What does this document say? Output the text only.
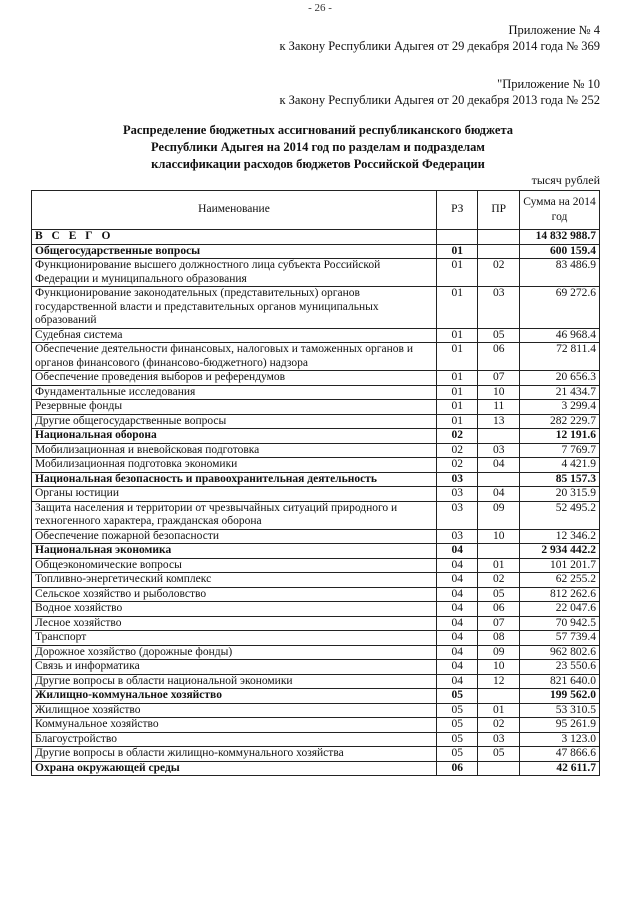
- 26 -
Приложение № 4
к Закону Республики Адыгея от 29 декабря 2014 года № 369
"Приложение № 10
к Закону Республики Адыгея от 20 декабря 2013 года № 252
Распределение бюджетных ассигнований республиканского бюджета
Республики Адыгея на 2014 год по разделам и подразделам
классификации расходов бюджетов Российской Федерации
тысяч рублей
Наименование	РЗ	ПР	Сумма на 2014 год
В С Е Г О			14 832 988.7
Общегосударственные вопросы	01		600 159.4
Функционирование высшего должностного лица субъекта Российской Федерации и муниципального образования	01	02	83 486.9
Функционирование законодательных (представительных) органов государственной власти и представительных органов муниципальных образований	01	03	69 272.6
Судебная система	01	05	46 968.4
Обеспечение деятельности финансовых, налоговых и таможенных органов и органов финансового (финансово-бюджетного) надзора	01	06	72 811.4
Обеспечение проведения выборов и референдумов	01	07	20 656.3
Фундаментальные исследования	01	10	21 434.7
Резервные фонды	01	11	3 299.4
Другие общегосударственные вопросы	01	13	282 229.7
Национальная оборона	02		12 191.6
Мобилизационная и вневойсковая подготовка	02	03	7 769.7
Мобилизационная подготовка экономики	02	04	4 421.9
Национальная безопасность и правоохранительная деятельность	03		85 157.3
Органы юстиции	03	04	20 315.9
Защита населения и территории от чрезвычайных ситуаций природного и техногенного характера, гражданская оборона	03	09	52 495.2
Обеспечение пожарной безопасности	03	10	12 346.2
Национальная экономика	04		2 934 442.2
Общеэкономические вопросы	04	01	101 201.7
Топливно-энергетический комплекс	04	02	62 255.2
Сельское хозяйство и рыболовство	04	05	812 262.6
Водное хозяйство	04	06	22 047.6
Лесное хозяйство	04	07	70 942.5
Транспорт	04	08	57 739.4
Дорожное хозяйство (дорожные фонды)	04	09	962 802.6
Связь и информатика	04	10	23 550.6
Другие вопросы в области национальной экономики	04	12	821 640.0
Жилищно-коммунальное хозяйство	05		199 562.0
Жилищное хозяйство	05	01	53 310.5
Коммунальное хозяйство	05	02	95 261.9
Благоустройство	05	03	3 123.0
Другие вопросы в области жилищно-коммунального хозяйства	05	05	47 866.6
Охрана окружающей среды	06		42 611.7
